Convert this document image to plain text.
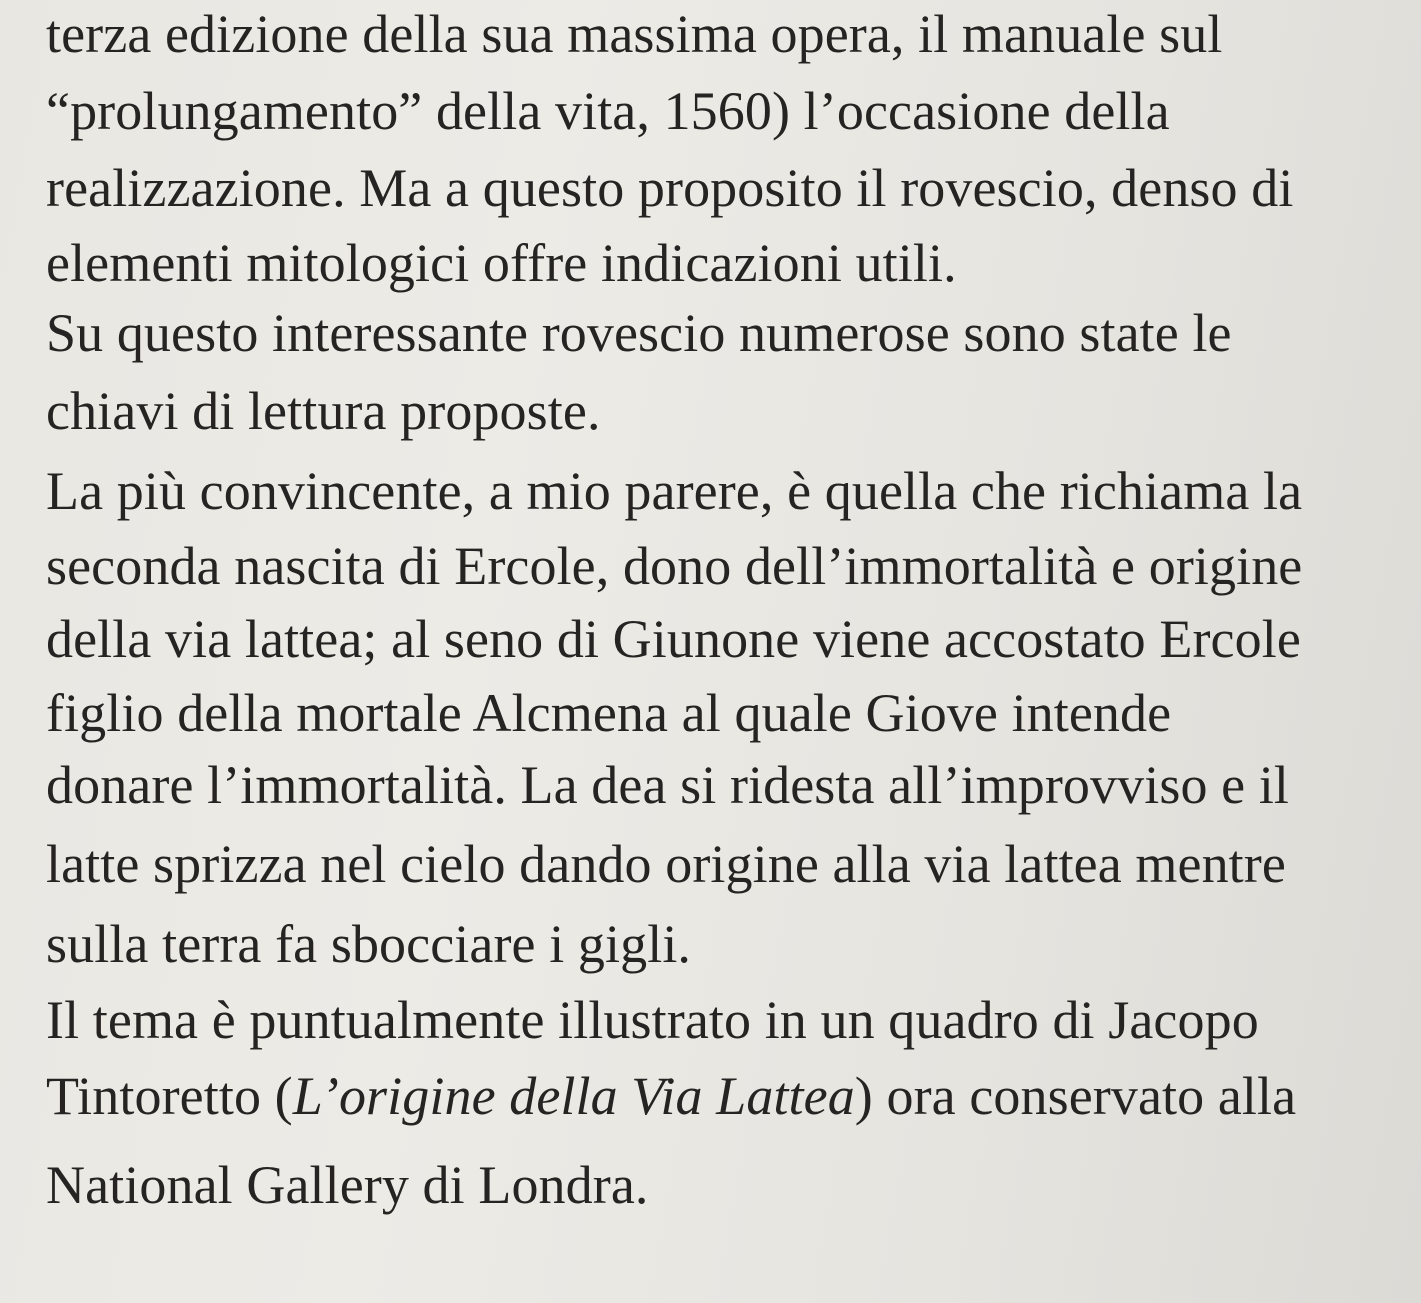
terza edizione della sua massima opera, il manuale sul
“prolungamento” della vita, 1560) l’occasione della
realizzazione. Ma a questo proposito il rovescio, denso di
elementi mitologici offre indicazioni utili.
Su questo interessante rovescio numerose sono state le
chiavi di lettura proposte.
La più convincente, a mio parere, è quella che richiama la
seconda nascita di Ercole, dono dell’immortalità e origine
della via lattea; al seno di Giunone viene accostato Ercole
figlio della mortale Alcmena al quale Giove intende
donare l’immortalità. La dea si ridesta all’improvviso e il
latte sprizza nel cielo dando origine alla via lattea mentre
sulla terra fa sbocciare i gigli.
Il tema è puntualmente illustrato in un quadro di Jacopo
Tintoretto (L’origine della Via Lattea) ora conservato alla
National Gallery di Londra.
